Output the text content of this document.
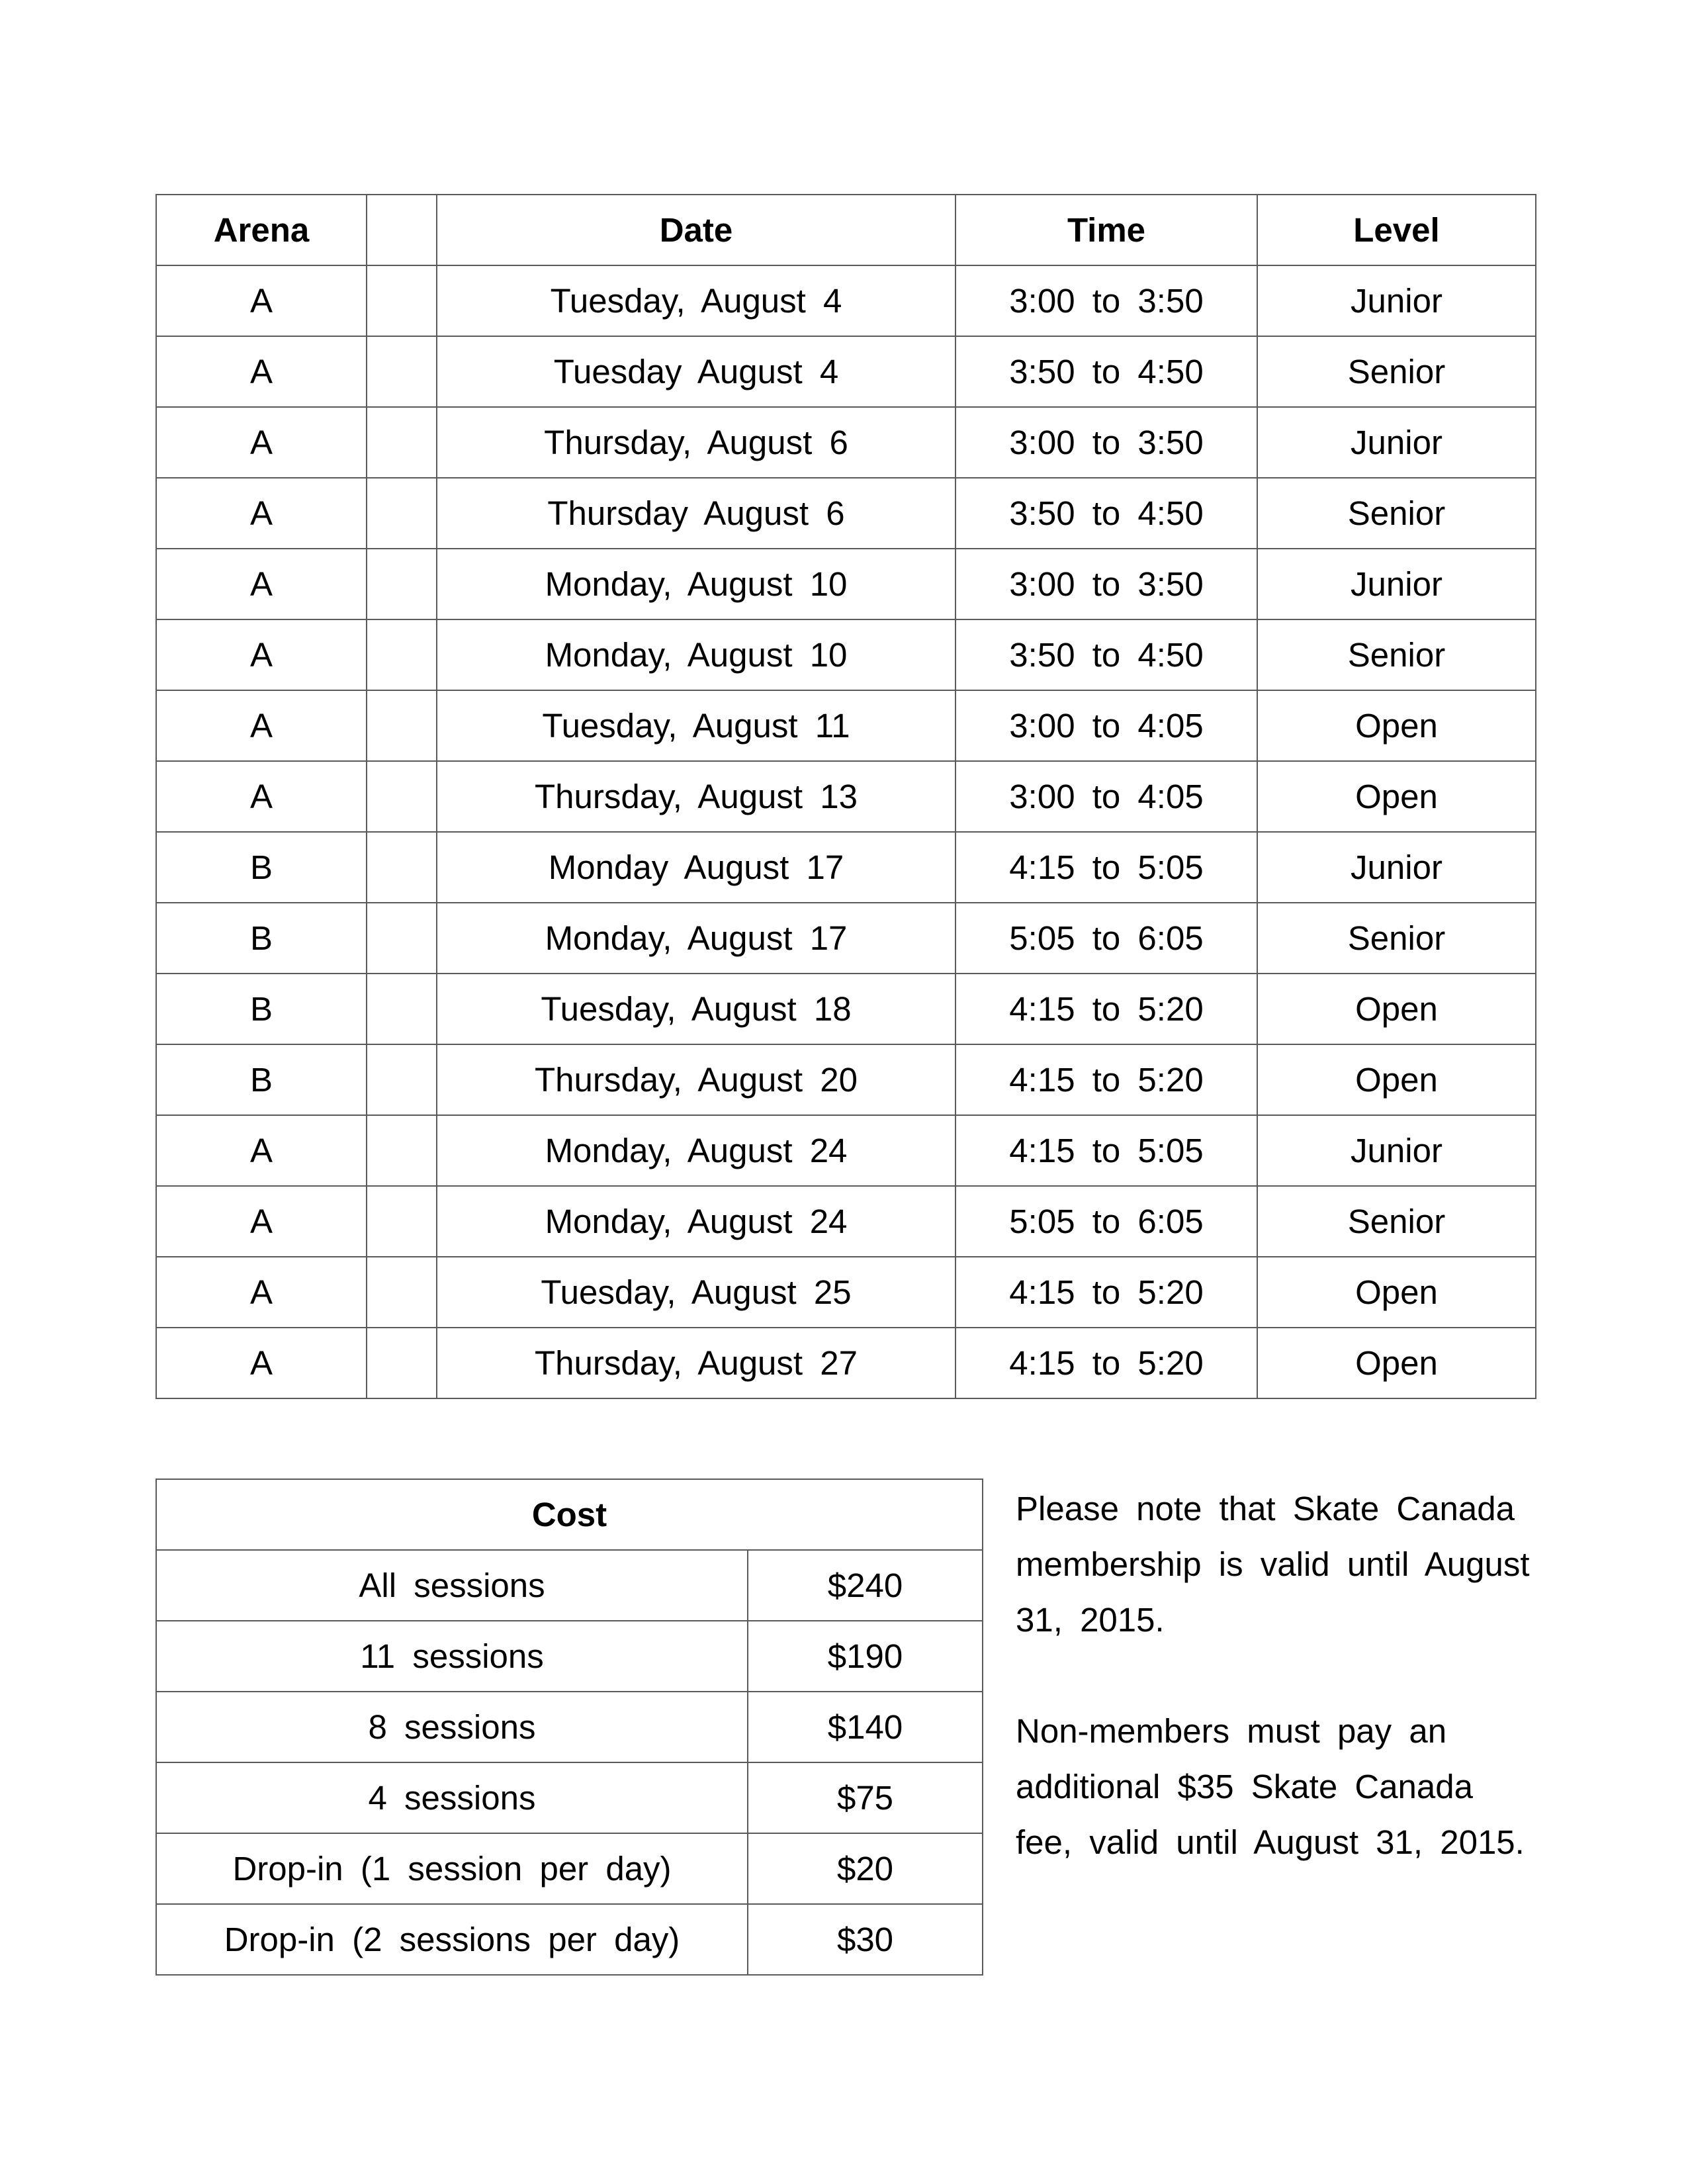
Arena		Date	Time	Level
A		Tuesday, August 4	3:00 to 3:50	Junior
A		Tuesday August 4	3:50 to 4:50	Senior
A		Thursday, August 6	3:00 to 3:50	Junior
A		Thursday August 6	3:50 to 4:50	Senior
A		Monday, August 10	3:00 to 3:50	Junior
A		Monday, August 10	3:50 to 4:50	Senior
A		Tuesday, August 11	3:00 to 4:05	Open
A		Thursday, August 13	3:00 to 4:05	Open
B		Monday August 17	4:15 to 5:05	Junior
B		Monday, August 17	5:05 to 6:05	Senior
B		Tuesday, August 18	4:15 to 5:20	Open
B		Thursday, August 20	4:15 to 5:20	Open
A		Monday, August 24	4:15 to 5:05	Junior
A		Monday, August 24	5:05 to 6:05	Senior
A		Tuesday, August 25	4:15 to 5:20	Open
A		Thursday, August 27	4:15 to 5:20	Open
Cost	
All sessions	$240
11 sessions	$190
8 sessions	$140
4 sessions	$75
Drop-in (1 session per day)	$20
Drop-in (2 sessions per day)	$30

Please note that Skate Canada membership is valid until August 31, 2015.

Non-members must pay an additional $35 Skate Canada fee, valid until August 31, 2015.
